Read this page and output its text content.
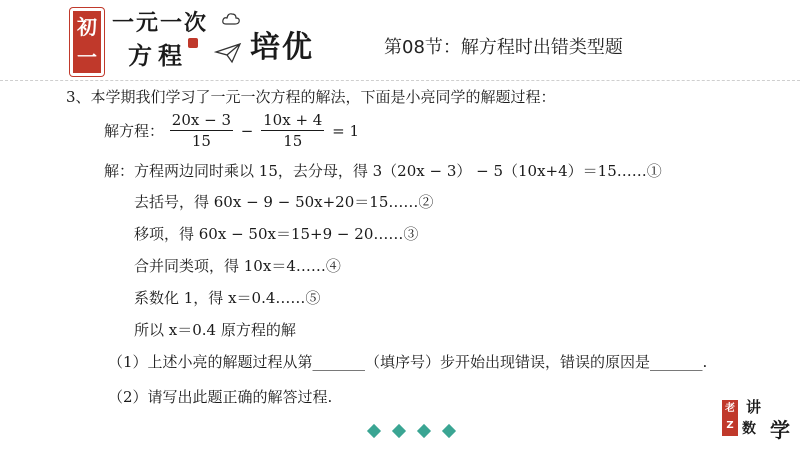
初
一
一元一次
方程 培优	第08节：解方程时出错类型题
3、本学期我们学习了一元一次方程的解法，下面是小亮同学的解题过程：
解方程： $\frac{20x - 3}{15} - \frac{10x + 4}{15} = 1$
解：方程两边同时乘以 15，去分母，得 3（20x − 3） − 5（10x+4）＝15……①
去括号，得 60x − 9 − 50x+20＝15……②
移项，得 60x − 50x＝15+9 − 20……③
合并同类项，得 10x＝4……④
系数化 1，得 x＝0.4……⑤
所以 x＝0.4 原方程的解
（1）上述小亮的解题过程从第_______（填序号）步开始出现错误，错误的原因是_______.
（2）请写出此题正确的解答过程.

老
Z
讲
数 学
